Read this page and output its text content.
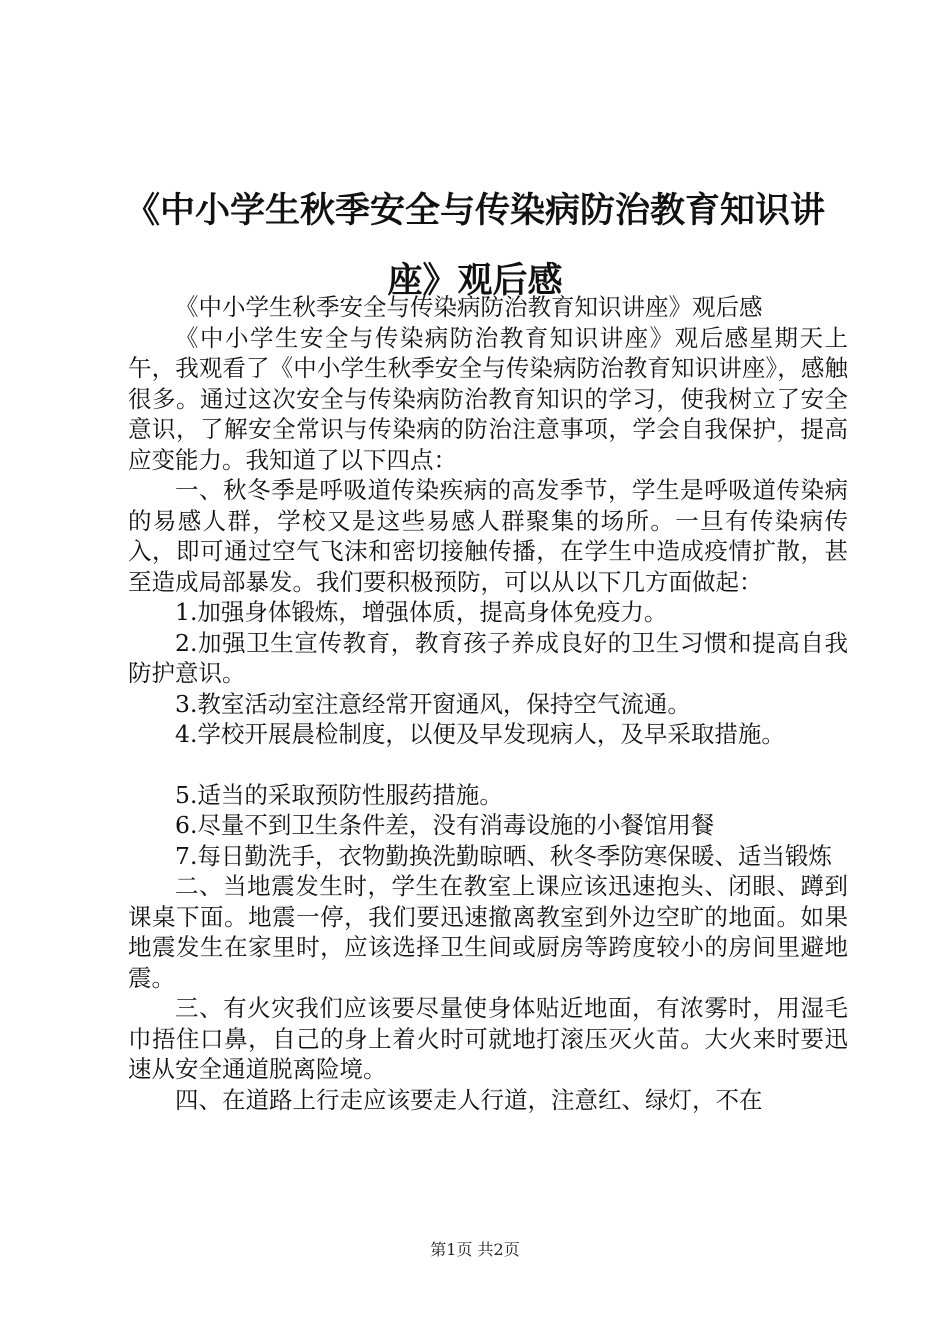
《中小学生秋季安全与传染病防治教育知识讲座》观后感

《中小学生秋季安全与传染病防治教育知识讲座》观后感

《中小学生安全与传染病防治教育知识讲座》观后感星期天上午，我观看了《中小学生秋季安全与传染病防治教育知识讲座》，感触很多。通过这次安全与传染病防治教育知识的学习，使我树立了安全意识，了解安全常识与传染病的防治注意事项，学会自我保护，提高应变能力。我知道了以下四点：

一、秋冬季是呼吸道传染疾病的高发季节，学生是呼吸道传染病的易感人群，学校又是这些易感人群聚集的场所。一旦有传染病传入，即可通过空气飞沫和密切接触传播，在学生中造成疫情扩散，甚至造成局部暴发。我们要积极预防，可以从以下几方面做起：

1.加强身体锻炼，增强体质，提高身体免疫力。

2.加强卫生宣传教育，教育孩子养成良好的卫生习惯和提高自我防护意识。

3.教室活动室注意经常开窗通风，保持空气流通。

4.学校开展晨检制度，以便及早发现病人，及早采取措施。

5.适当的采取预防性服药措施。

6.尽量不到卫生条件差，没有消毒设施的小餐馆用餐

7.每日勤洗手，衣物勤换洗勤晾晒、秋冬季防寒保暖、适当锻炼

二、当地震发生时，学生在教室上课应该迅速抱头、闭眼、蹲到课桌下面。地震一停，我们要迅速撤离教室到外边空旷的地面。如果地震发生在家里时，应该选择卫生间或厨房等跨度较小的房间里避地震。

三、有火灾我们应该要尽量使身体贴近地面，有浓雾时，用湿毛巾捂住口鼻，自己的身上着火时可就地打滚压灭火苗。大火来时要迅速从安全通道脱离险境。

四、在道路上行走应该要走人行道，注意红、绿灯，不在

第1页 共2页
